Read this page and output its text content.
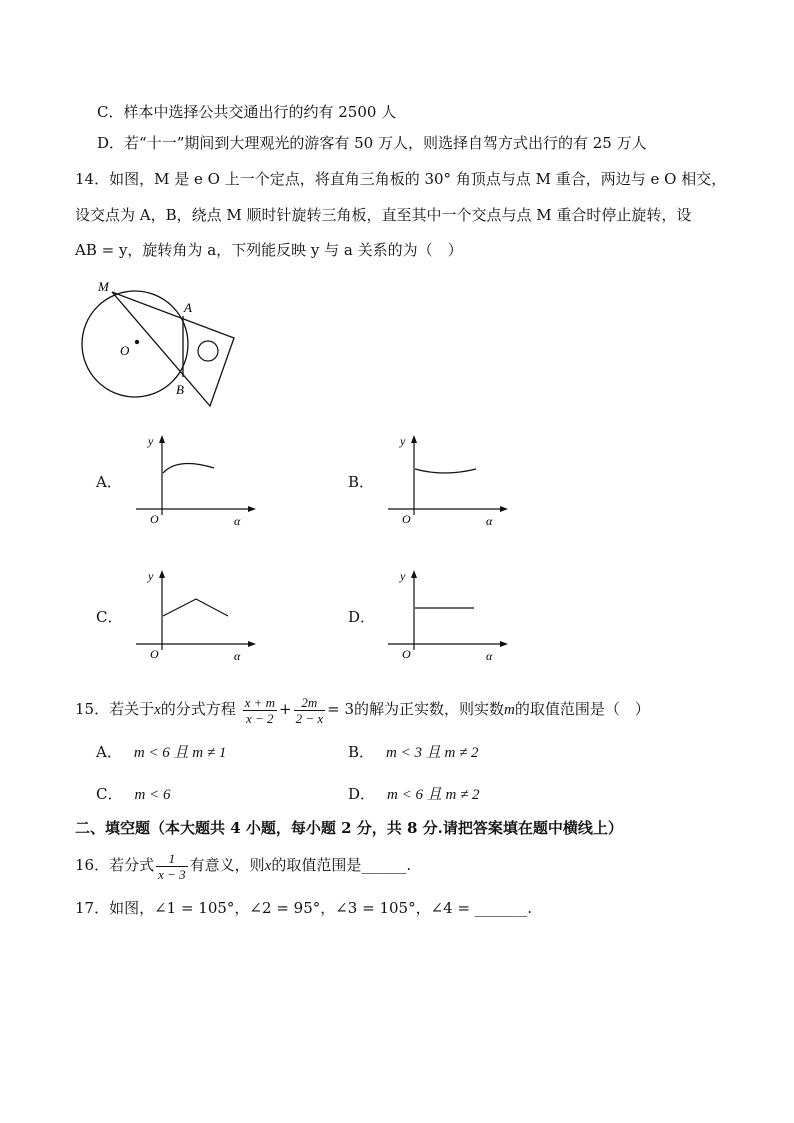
C．样本中选择公共交通出行的约有 2500 人
D．若“十一”期间到大理观光的游客有 50 万人，则选择自驾方式出行的有 25 万人
14．如图，M 是 e O 上一个定点，将直角三角板的 30° 角顶点与点 M 重合，两边与 e O 相交，
设交点为 A，B，绕点 M 顺时针旋转三角板，直至其中一个交点与点 M 重合时停止旋转，设
AB = y，旋转角为 a，下列能反映 y 与 a 关系的为（　）
M
A
B
O
A．
y
O	α
B．
y
O	α
C．
y
O	α
D．
y
O	α
15．若关于x的分式方程 $\frac{x + m}{x - 2} + \frac{2m}{2 - x} = 3$的解为正实数，则实数m的取值范围是（　）
A． m < 6 且 m ≠ 1	B． m < 3 且 m ≠ 2
C． m < 6	D． m < 6 且 m ≠ 2
二、填空题（本大题共 4 小题，每小题 2 分，共 8 分.请把答案填在题中横线上）
16．若分式 $\frac{1}{x - 3}$ 有意义，则x的取值范围是______.
17．如图，∠1 = 105°，∠2 = 95°，∠3 = 105°，∠4 = _______.
